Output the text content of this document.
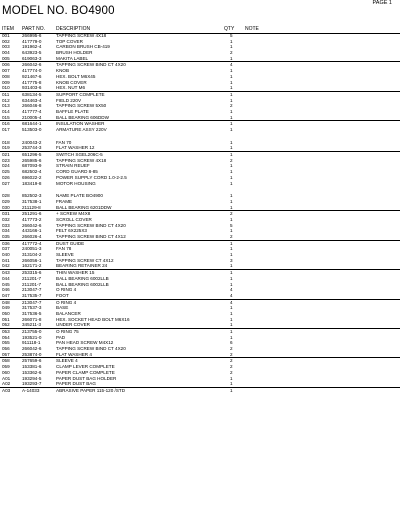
PAGE 1
MODEL NO. BO4900
ITEM PART NO. DESCRIPTION	QTY NOTE
001	266995-6	TAPPING SCREW 4X18	5
002	417779-0	TOP COVER	1
003	191962-4	CARBON BRUSH CB-419	1
004	643923-5	BRUSH HOLDER	2
005	619063-3	MAKITA LABEL	1
006	266042-6	TAPPING SCREW BIND CT 4X20	4
007	417774-0	KNOB	1
008	921467-6	HEX. BOLT M6X45	1
009	417775-8	KNOB COVER	1
010	931403-6	HEX. NUT M6	1
011	638134-5	SUPPORT COMPLETE	1
012	634463-4	FIELD 220V	1
013	266046-8	TAPPING SCREW 5X50	2
014	417777-4	BAFFLE PLATE	1
015	210005-4	BALL BEARING 606DDW	1
016	681644-1	INSULATION WASHER	1
017	513503-0	ARMATURE ASSY 220V	1
018	240043-2	FAN 70	1
019	253744-3	FLAT WASHER 12	1
021	651296-5	SWITCH SGEL206C-5	1
023	265985-6	TAPPING SCREW 4X18	2
024	687093-9	STRAIN REUEF	1
025	682502-4	CORD GUARD 8-85	1
026	696022-2	POWER SUPPLY CORD 1.0-2-2.5	1
027	183419-8	MOTOR HOUSING	1
028	852502-3	NAME PLATE BO4900	1
029	317538-1	FRAME	1
030	211129-8	BALL BEARING 6201DDW	1
031	251291-6	+ SCREW M4X8	2
032	417773-2	SCROLL COVER	1
033	266042-6	TAPPING SCREW BIND CT 4X20	5
034	443166-1	FELT 6X225X3	1
035	266026-4	TAPPING SCREW BIND CT 4X12	2
036	417772-4	DUST GUIDE	1
037	240051-3	FAN 78	1
040	313104-2	SLEEVE	1
041	266056-1	TAPPING SCREW CT 4X12	3
042	162171-2	BEARING RETAINER 24	1
043	253315-6	THIN WASHER 15	1
044	211201-7	BALL BEARING 6002LLB	1
045	211201-7	BALL BEARING 6002LLB	1
046	213047-7	O RING 4	4
047	317535-7	FOOT	4
048	213047-7	O RING 4	4
049	317537-3	BASE	1
050	317536-5	BALANCER	1
051	266071-8	HEX. SOCKET HEAD BOLT M6X16	1
052	345211-3	UNDER COVER	1
053	213755-0	O RING 75	1
054	193521-0	PAD	1
055	911118-1	PAN HEAD SCREW M4X12	6
056	266042-6	TAPPING SCREW BIND CT 4X20	2
057	253874-0	FLAT WASHER 4	2
058	257659-6	SLEEVE 4	2
059	153381-6	CLAMP LEVER COMPLETE	2
060	153362-6	PAPER CLAMP COMPLETE	2
A01	193294-5	PAPER DUST BAG HOLDER	1
A02	193293-7	PAPER DUST BAG	1
A03	A-14033	ABRASIVE PAPER 115-120 /STD	1
